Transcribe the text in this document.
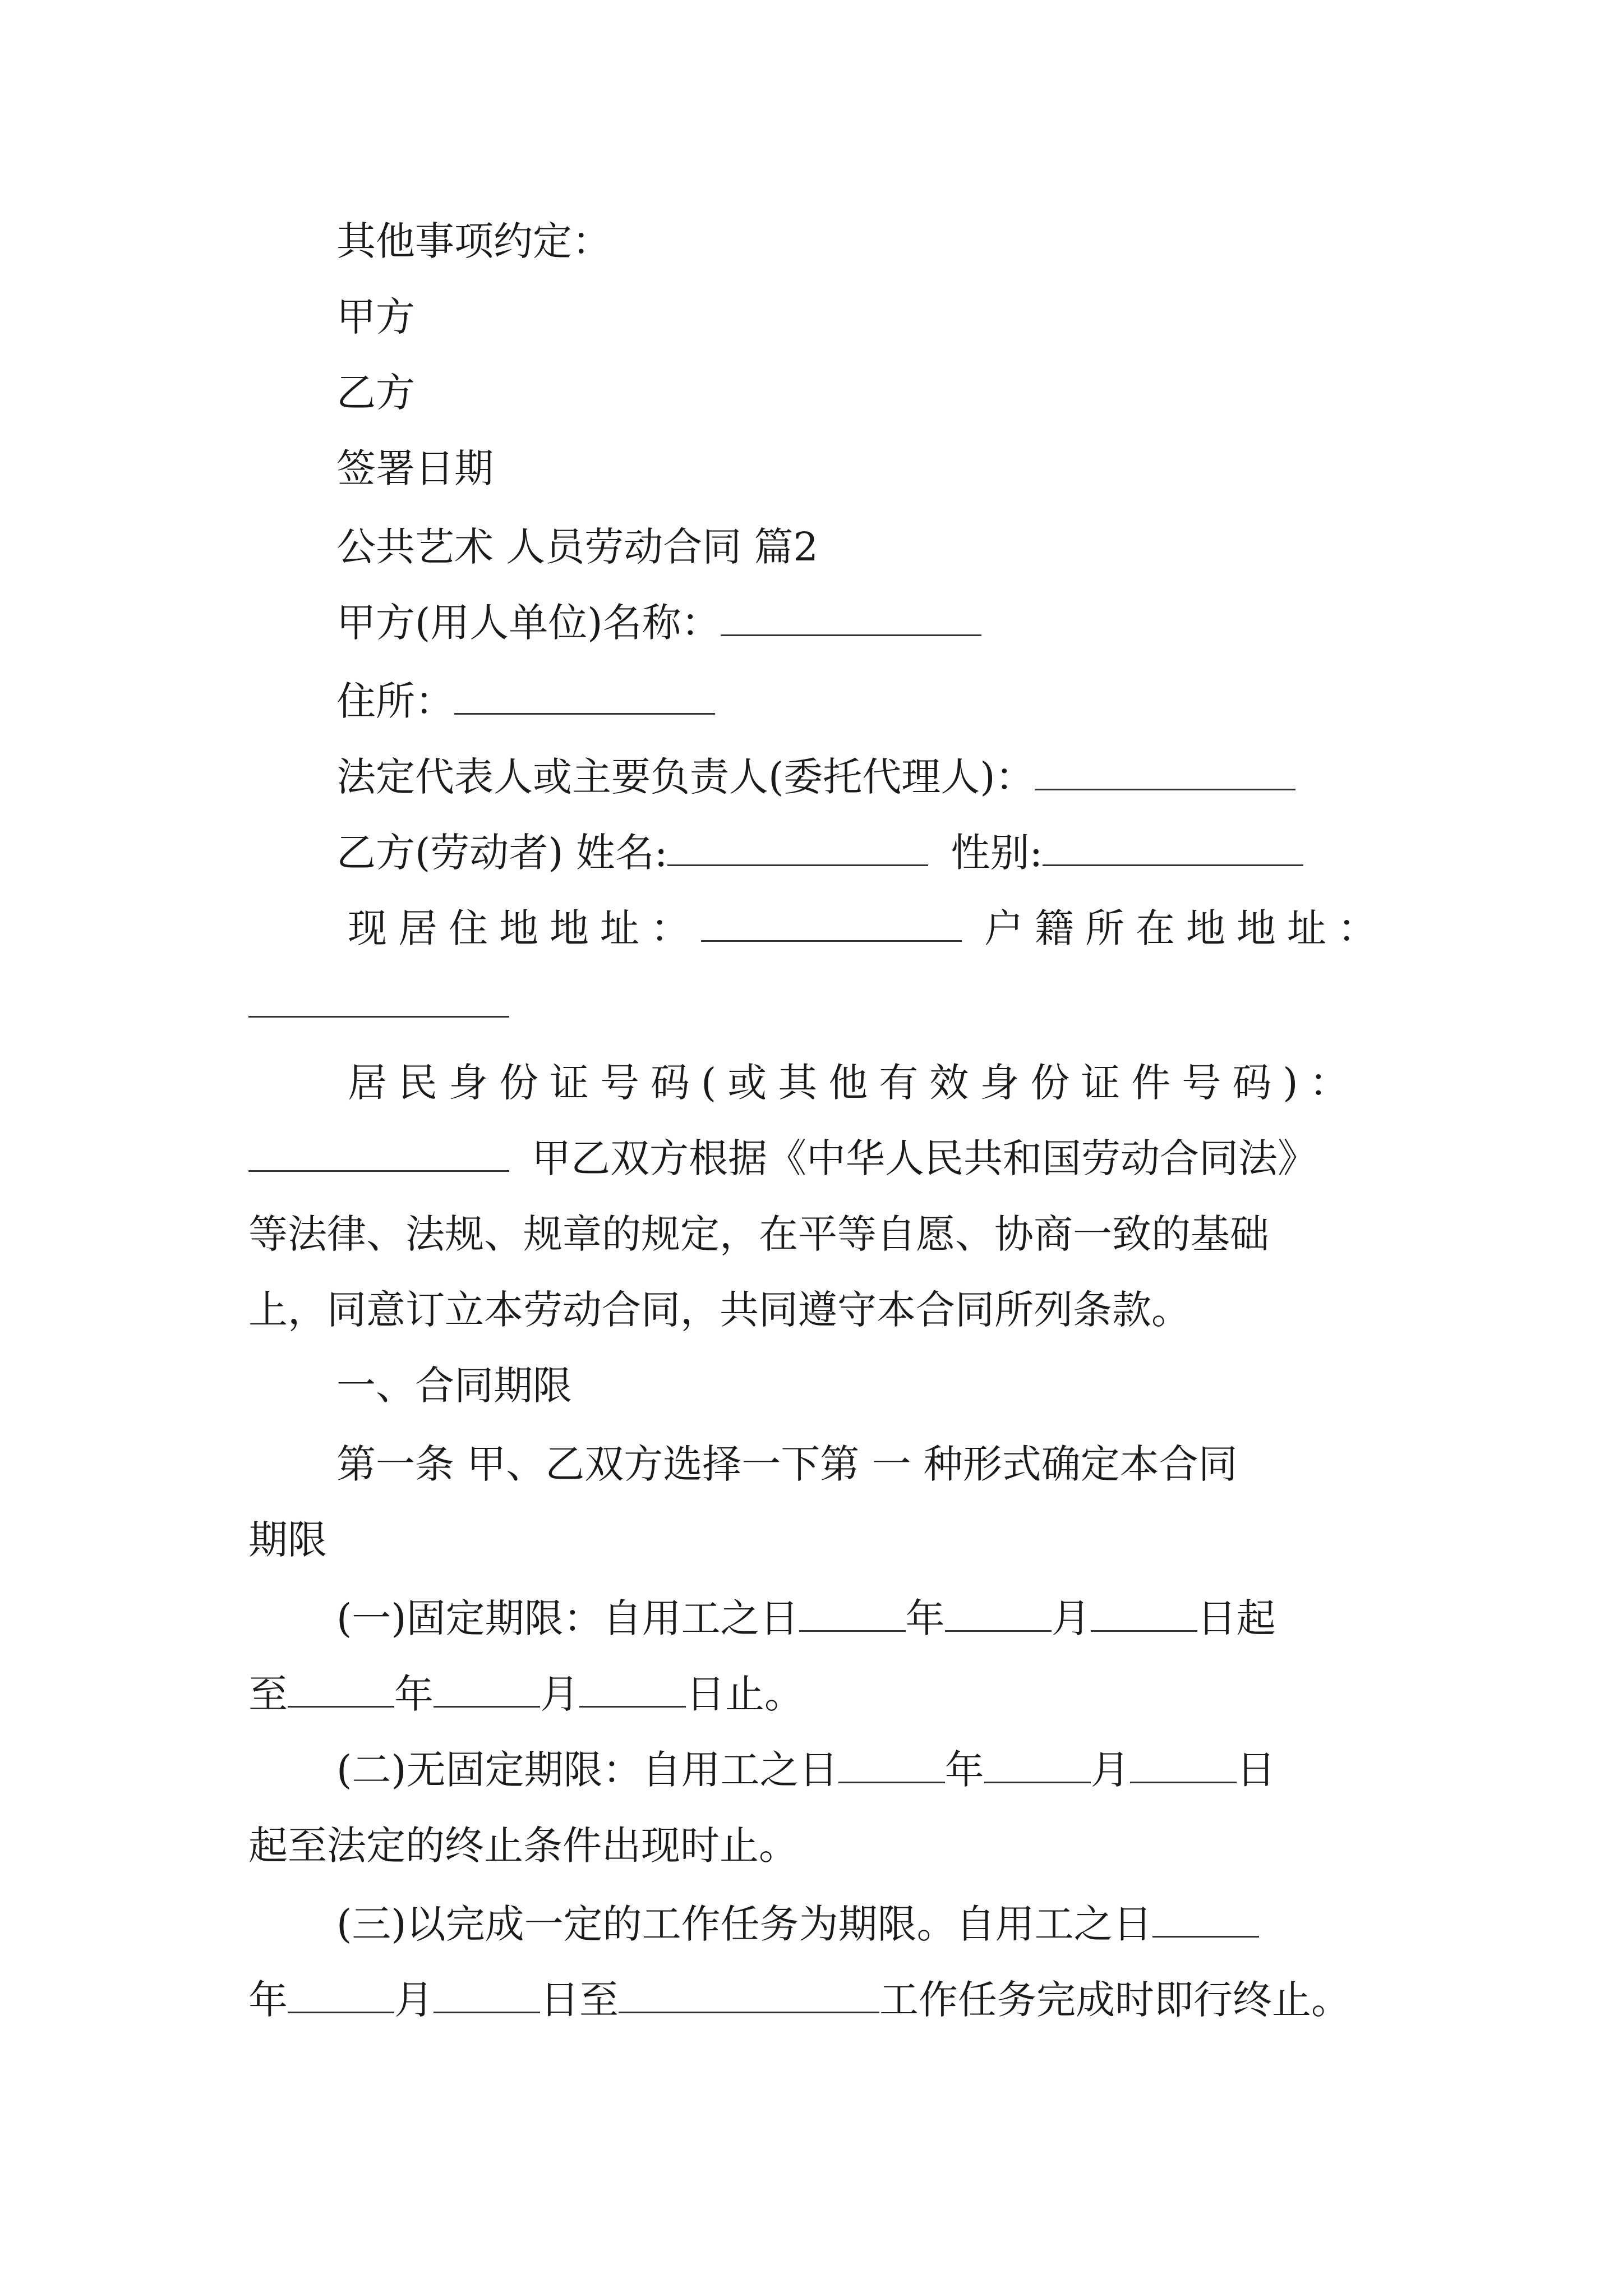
其他事项约定：
甲方
乙方
签署日期
公共艺术 人员劳动合同 篇2
甲方(用人单位)名称：
住所：
法定代表人或主要负责人(委托代理人)：
乙方(劳动者) 姓名:	性别:
现居住地地址：	户籍所在地地址：
居民身份证号码(或其他有效身份证件号码)：
甲乙双方根据《中华人民共和国劳动合同法》
等法律、法规、规章的规定，在平等自愿、协商一致的基础
上，同意订立本劳动合同，共同遵守本合同所列条款。
一、合同期限
第一条 甲、乙双方选择一下第 一 种形式确定本合同
期限
(一)固定期限：自用工之日	年	月	日起
至	年	月	日止。
(二)无固定期限：自用工之日	年	月	日
起至法定的终止条件出现时止。
(三)以完成一定的工作任务为期限。自用工之日
年	月	日至	工作任务完成时即行终止。
